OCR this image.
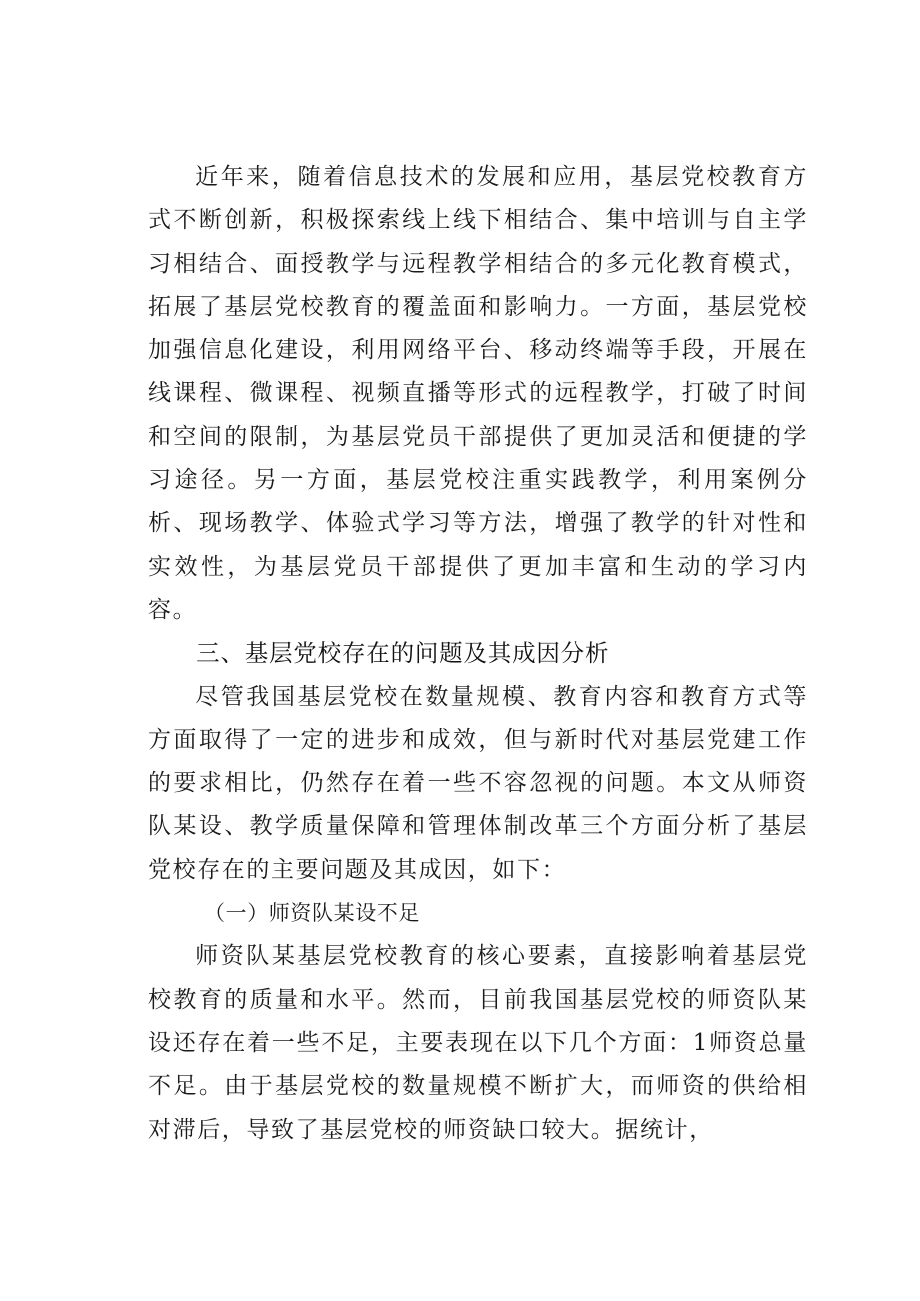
近年来，随着信息技术的发展和应用，基层党校教育方式不断创新，积极探索线上线下相结合、集中培训与自主学习相结合、面授教学与远程教学相结合的多元化教育模式，拓展了基层党校教育的覆盖面和影响力。一方面，基层党校加强信息化建设，利用网络平台、移动终端等手段，开展在线课程、微课程、视频直播等形式的远程教学，打破了时间和空间的限制，为基层党员干部提供了更加灵活和便捷的学习途径。另一方面，基层党校注重实践教学，利用案例分析、现场教学、体验式学习等方法，增强了教学的针对性和实效性，为基层党员干部提供了更加丰富和生动的学习内容。

三、基层党校存在的问题及其成因分析

尽管我国基层党校在数量规模、教育内容和教育方式等方面取得了一定的进步和成效，但与新时代对基层党建工作的要求相比，仍然存在着一些不容忽视的问题。本文从师资队某设、教学质量保障和管理体制改革三个方面分析了基层党校存在的主要问题及其成因，如下：

（一）师资队某设不足

师资队某基层党校教育的核心要素，直接影响着基层党校教育的质量和水平。然而，目前我国基层党校的师资队某设还存在着一些不足，主要表现在以下几个方面：1师资总量不足。由于基层党校的数量规模不断扩大，而师资的供给相对滞后，导致了基层党校的师资缺口较大。据统计，
